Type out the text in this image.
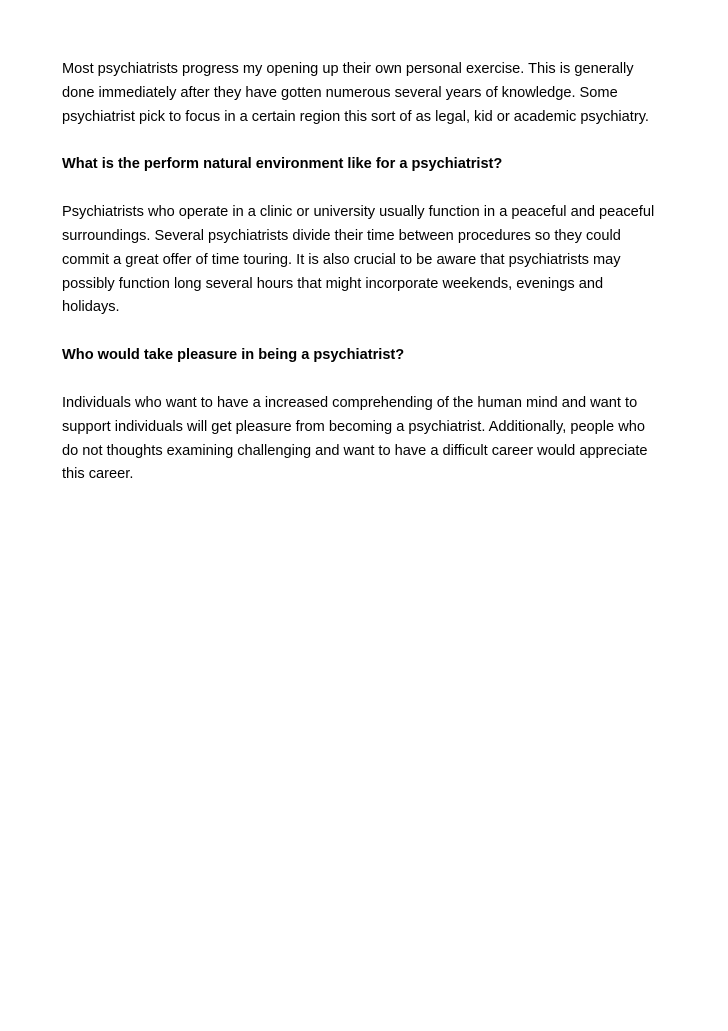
Most psychiatrists progress my opening up their own personal exercise. This is generally
done immediately after they have gotten numerous several years of knowledge. Some
psychiatrist pick to focus in a certain region this sort of as legal, kid or academic psychiatry.

What is the perform natural environment like for a psychiatrist?

Psychiatrists who operate in a clinic or university usually function in a peaceful and peaceful
surroundings. Several psychiatrists divide their time between procedures so they could
commit a great offer of time touring. It is also crucial to be aware that psychiatrists may
possibly function long several hours that might incorporate weekends, evenings and
holidays.

Who would take pleasure in being a psychiatrist?

Individuals who want to have a increased comprehending of the human mind and want to
support individuals will get pleasure from becoming a psychiatrist. Additionally, people who
do not thoughts examining challenging and want to have a difficult career would appreciate
this career.
